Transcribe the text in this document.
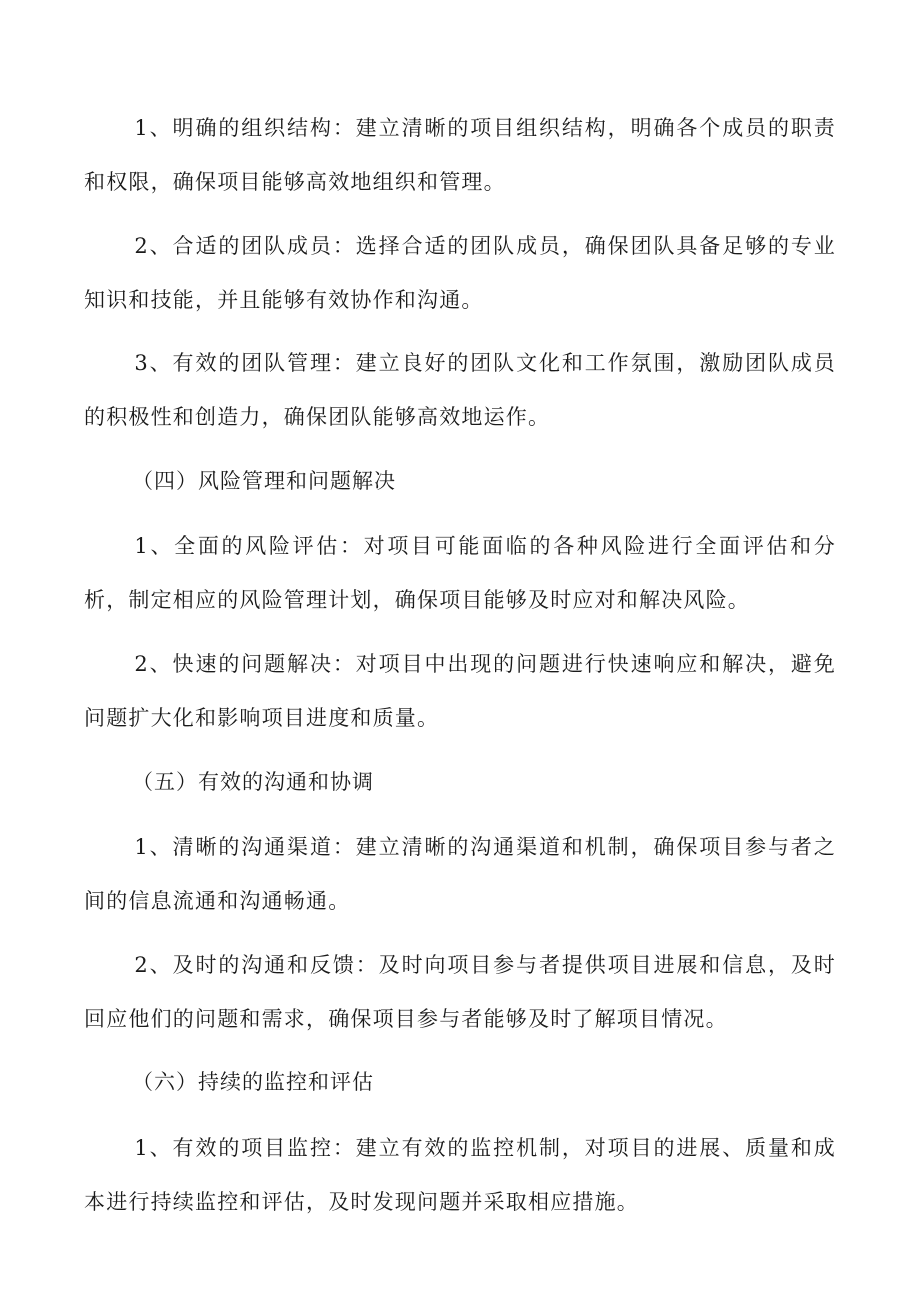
1、明确的组织结构：建立清晰的项目组织结构，明确各个成员的职责和权限，确保项目能够高效地组织和管理。

2、合适的团队成员：选择合适的团队成员，确保团队具备足够的专业知识和技能，并且能够有效协作和沟通。

3、有效的团队管理：建立良好的团队文化和工作氛围，激励团队成员的积极性和创造力，确保团队能够高效地运作。

（四）风险管理和问题解决

1、全面的风险评估：对项目可能面临的各种风险进行全面评估和分析，制定相应的风险管理计划，确保项目能够及时应对和解决风险。

2、快速的问题解决：对项目中出现的问题进行快速响应和解决，避免问题扩大化和影响项目进度和质量。

（五）有效的沟通和协调

1、清晰的沟通渠道：建立清晰的沟通渠道和机制，确保项目参与者之间的信息流通和沟通畅通。

2、及时的沟通和反馈：及时向项目参与者提供项目进展和信息，及时回应他们的问题和需求，确保项目参与者能够及时了解项目情况。

（六）持续的监控和评估

1、有效的项目监控：建立有效的监控机制，对项目的进展、质量和成本进行持续监控和评估，及时发现问题并采取相应措施。
